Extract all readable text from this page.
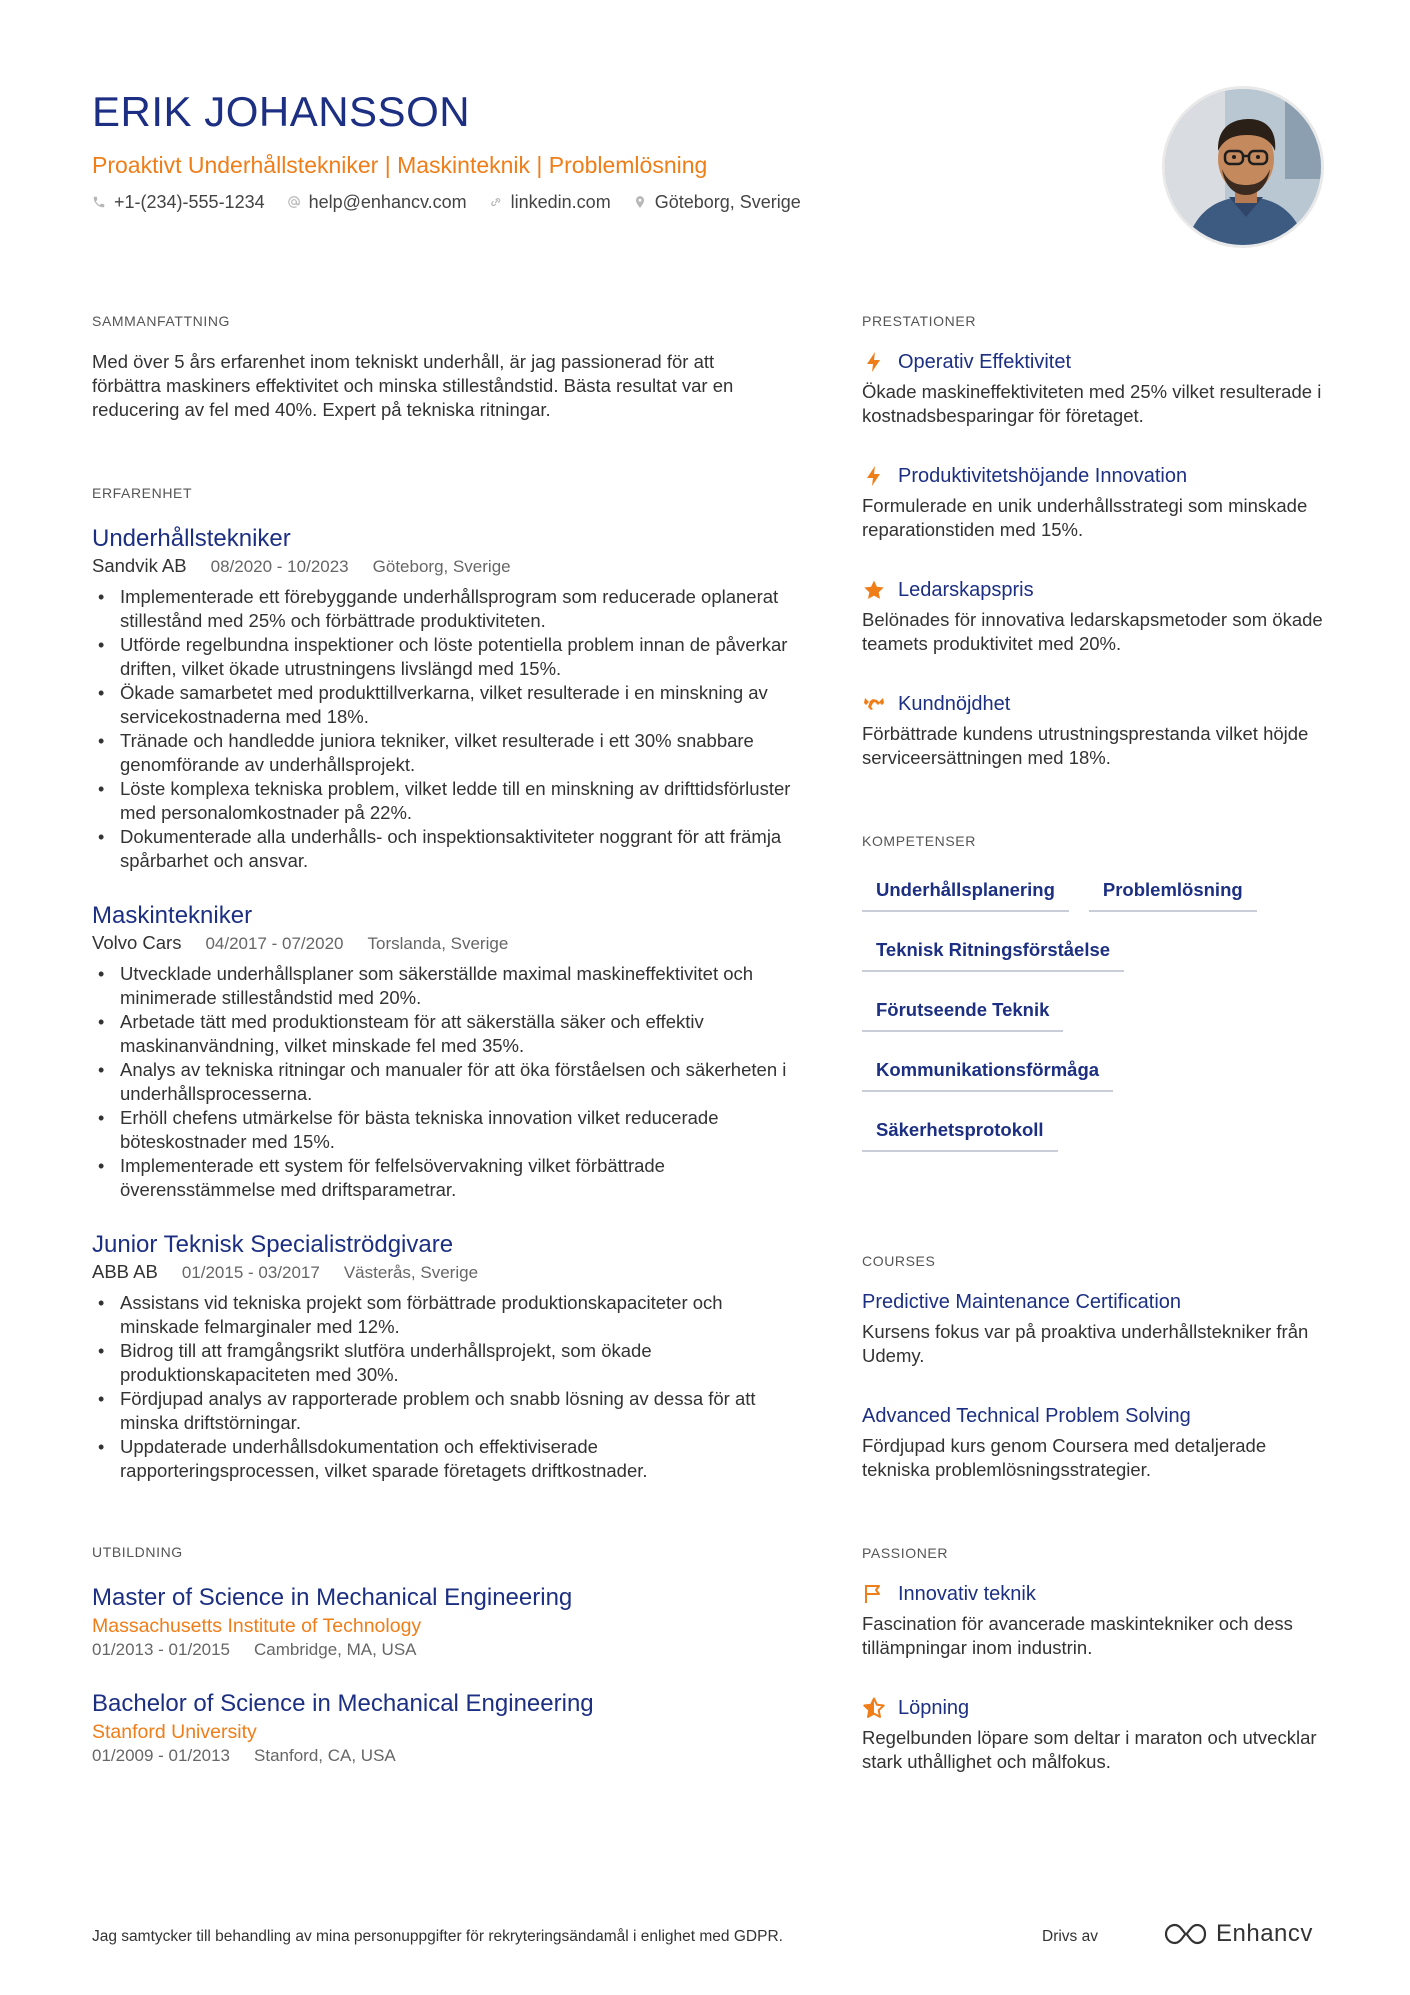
ERIK JOHANSSON
Proaktivt Underhållstekniker | Maskinteknik | Problemlösning
+1-(234)-555-1234 help@enhancv.com linkedin.com Göteborg, Sverige
SAMMANFATTNING
Med över 5 års erfarenhet inom tekniskt underhåll, är jag passionerad för att förbättra maskiners effektivitet och minska stilleståndstid. Bästa resultat var en reducering av fel med 40%. Expert på tekniska ritningar.
ERFARENHET
Underhållstekniker
Sandvik AB 08/2020 - 10/2023 Göteborg, Sverige
• Implementerade ett förebyggande underhållsprogram som reducerade oplanerat stillestånd med 25% och förbättrade produktiviteten.
• Utförde regelbundna inspektioner och löste potentiella problem innan de påverkar driften, vilket ökade utrustningens livslängd med 15%.
• Ökade samarbetet med produkttillverkarna, vilket resulterade i en minskning av servicekostnaderna med 18%.
• Tränade och handledde juniora tekniker, vilket resulterade i ett 30% snabbare genomförande av underhållsprojekt.
• Löste komplexa tekniska problem, vilket ledde till en minskning av drifttidsförluster med personalomkostnader på 22%.
• Dokumenterade alla underhålls- och inspektionsaktiviteter noggrant för att främja spårbarhet och ansvar.
Maskintekniker
Volvo Cars 04/2017 - 07/2020 Torslanda, Sverige
• Utvecklade underhållsplaner som säkerställde maximal maskineffektivitet och minimerade stilleståndstid med 20%.
• Arbetade tätt med produktionsteam för att säkerställa säker och effektiv maskinanvändning, vilket minskade fel med 35%.
• Analys av tekniska ritningar och manualer för att öka förståelsen och säkerheten i underhållsprocesserna.
• Erhöll chefens utmärkelse för bästa tekniska innovation vilket reducerade böteskostnader med 15%.
• Implementerade ett system för felfelsövervakning vilket förbättrade överensstämmelse med driftsparametrar.
Junior Teknisk Specialiströdgivare
ABB AB 01/2015 - 03/2017 Västerås, Sverige
• Assistans vid tekniska projekt som förbättrade produktionskapaciteter och minskade felmarginaler med 12%.
• Bidrog till att framgångsrikt slutföra underhållsprojekt, som ökade produktionskapaciteten med 30%.
• Fördjupad analys av rapporterade problem och snabb lösning av dessa för att minska driftstörningar.
• Uppdaterade underhållsdokumentation och effektiviserade rapporteringsprocessen, vilket sparade företagets driftkostnader.
UTBILDNING
Master of Science in Mechanical Engineering
Massachusetts Institute of Technology
01/2013 - 01/2015 Cambridge, MA, USA
Bachelor of Science in Mechanical Engineering
Stanford University
01/2009 - 01/2013 Stanford, CA, USA
PRESTATIONER
Operativ Effektivitet
Ökade maskineffektiviteten med 25% vilket resulterade i kostnadsbesparingar för företaget.
Produktivitetshöjande Innovation
Formulerade en unik underhållsstrategi som minskade reparationstiden med 15%.
Ledarskapspris
Belönades för innovativa ledarskapsmetoder som ökade teamets produktivitet med 20%.
Kundnöjdhet
Förbättrade kundens utrustningsprestanda vilket höjde serviceersättningen med 18%.
KOMPETENSER
Underhållsplanering	Problemlösning
Teknisk Ritningsförståelse
Förutseende Teknik
Kommunikationsförmåga
Säkerhetsprotokoll
COURSES
Predictive Maintenance Certification
Kursens fokus var på proaktiva underhållstekniker från Udemy.
Advanced Technical Problem Solving
Fördjupad kurs genom Coursera med detaljerade tekniska problemlösningsstrategier.
PASSIONER
Innovativ teknik
Fascination för avancerade maskintekniker och dess tillämpningar inom industrin.
Löpning
Regelbunden löpare som deltar i maraton och utvecklar stark uthållighet och målfokus.
Jag samtycker till behandling av mina personuppgifter för rekryteringsändamål i enlighet med GDPR.	Drivs av	Enhancv
